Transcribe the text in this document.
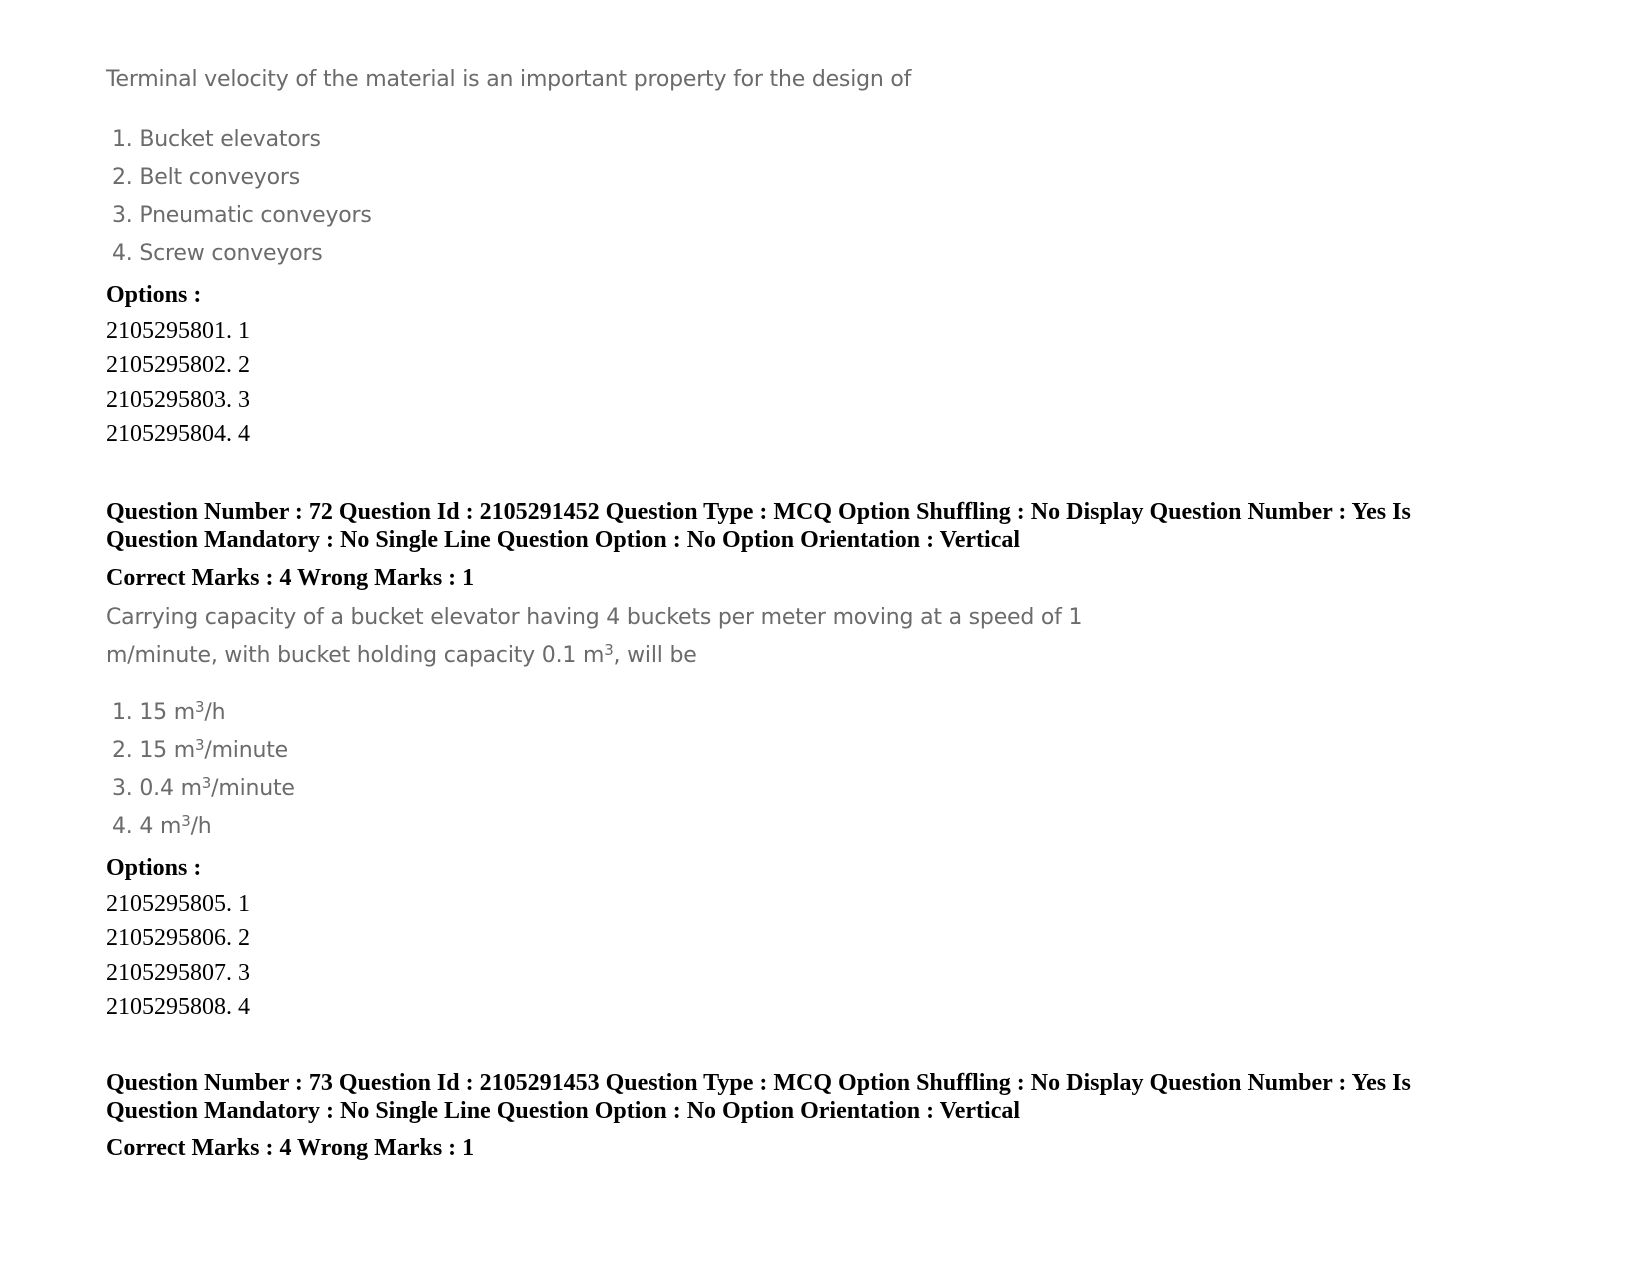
Terminal velocity of the material is an important property for the design of
1. Bucket elevators
2. Belt conveyors
3. Pneumatic conveyors
4. Screw conveyors
Options :
2105295801. 1
2105295802. 2
2105295803. 3
2105295804. 4
Question Number : 72 Question Id : 2105291452 Question Type : MCQ Option Shuffling : No Display Question Number : Yes Is
Question Mandatory : No Single Line Question Option : No Option Orientation : Vertical
Correct Marks : 4 Wrong Marks : 1
Carrying capacity of a bucket elevator having 4 buckets per meter moving at a speed of 1
m/minute, with bucket holding capacity 0.1 $m^3$, will be
1. 15 $m^3/h$
2. 15 $m^3$/minute
3. 0.4 $m^3$/minute
4. 4 $m^3/h$
Options :
2105295805. 1
2105295806. 2
2105295807. 3
2105295808. 4
Question Number : 73 Question Id : 2105291453 Question Type : MCQ Option Shuffling : No Display Question Number : Yes Is
Question Mandatory : No Single Line Question Option : No Option Orientation : Vertical
Correct Marks : 4 Wrong Marks : 1
